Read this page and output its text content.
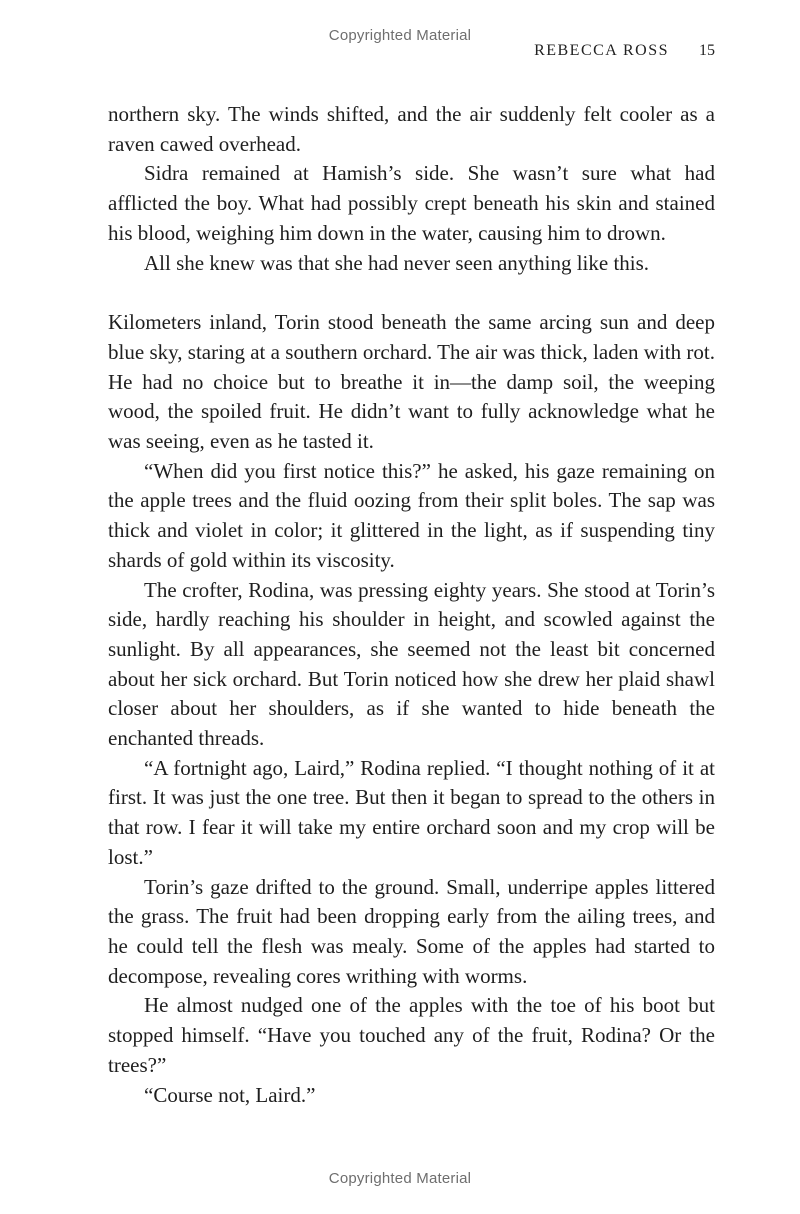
Copyrighted Material
REBECCA ROSS 15

northern sky. The winds shifted, and the air suddenly felt cooler as a raven cawed overhead.

Sidra remained at Hamish’s side. She wasn’t sure what had afflicted the boy. What had possibly crept beneath his skin and stained his blood, weighing him down in the water, causing him to drown.

All she knew was that she had never seen anything like this.

Kilometers inland, Torin stood beneath the same arcing sun and deep blue sky, staring at a southern orchard. The air was thick, laden with rot. He had no choice but to breathe it in—the damp soil, the weeping wood, the spoiled fruit. He didn’t want to fully acknowledge what he was seeing, even as he tasted it.

“When did you first notice this?” he asked, his gaze remaining on the apple trees and the fluid oozing from their split boles. The sap was thick and violet in color; it glittered in the light, as if suspending tiny shards of gold within its viscosity.

The crofter, Rodina, was pressing eighty years. She stood at Torin’s side, hardly reaching his shoulder in height, and scowled against the sunlight. By all appearances, she seemed not the least bit concerned about her sick orchard. But Torin noticed how she drew her plaid shawl closer about her shoulders, as if she wanted to hide beneath the enchanted threads.

“A fortnight ago, Laird,” Rodina replied. “I thought nothing of it at first. It was just the one tree. But then it began to spread to the others in that row. I fear it will take my entire orchard soon and my crop will be lost.”

Torin’s gaze drifted to the ground. Small, underripe apples littered the grass. The fruit had been dropping early from the ailing trees, and he could tell the flesh was mealy. Some of the apples had started to decompose, revealing cores writhing with worms.

He almost nudged one of the apples with the toe of his boot but stopped himself. “Have you touched any of the fruit, Rodina? Or the trees?”

“Course not, Laird.”

Copyrighted Material
